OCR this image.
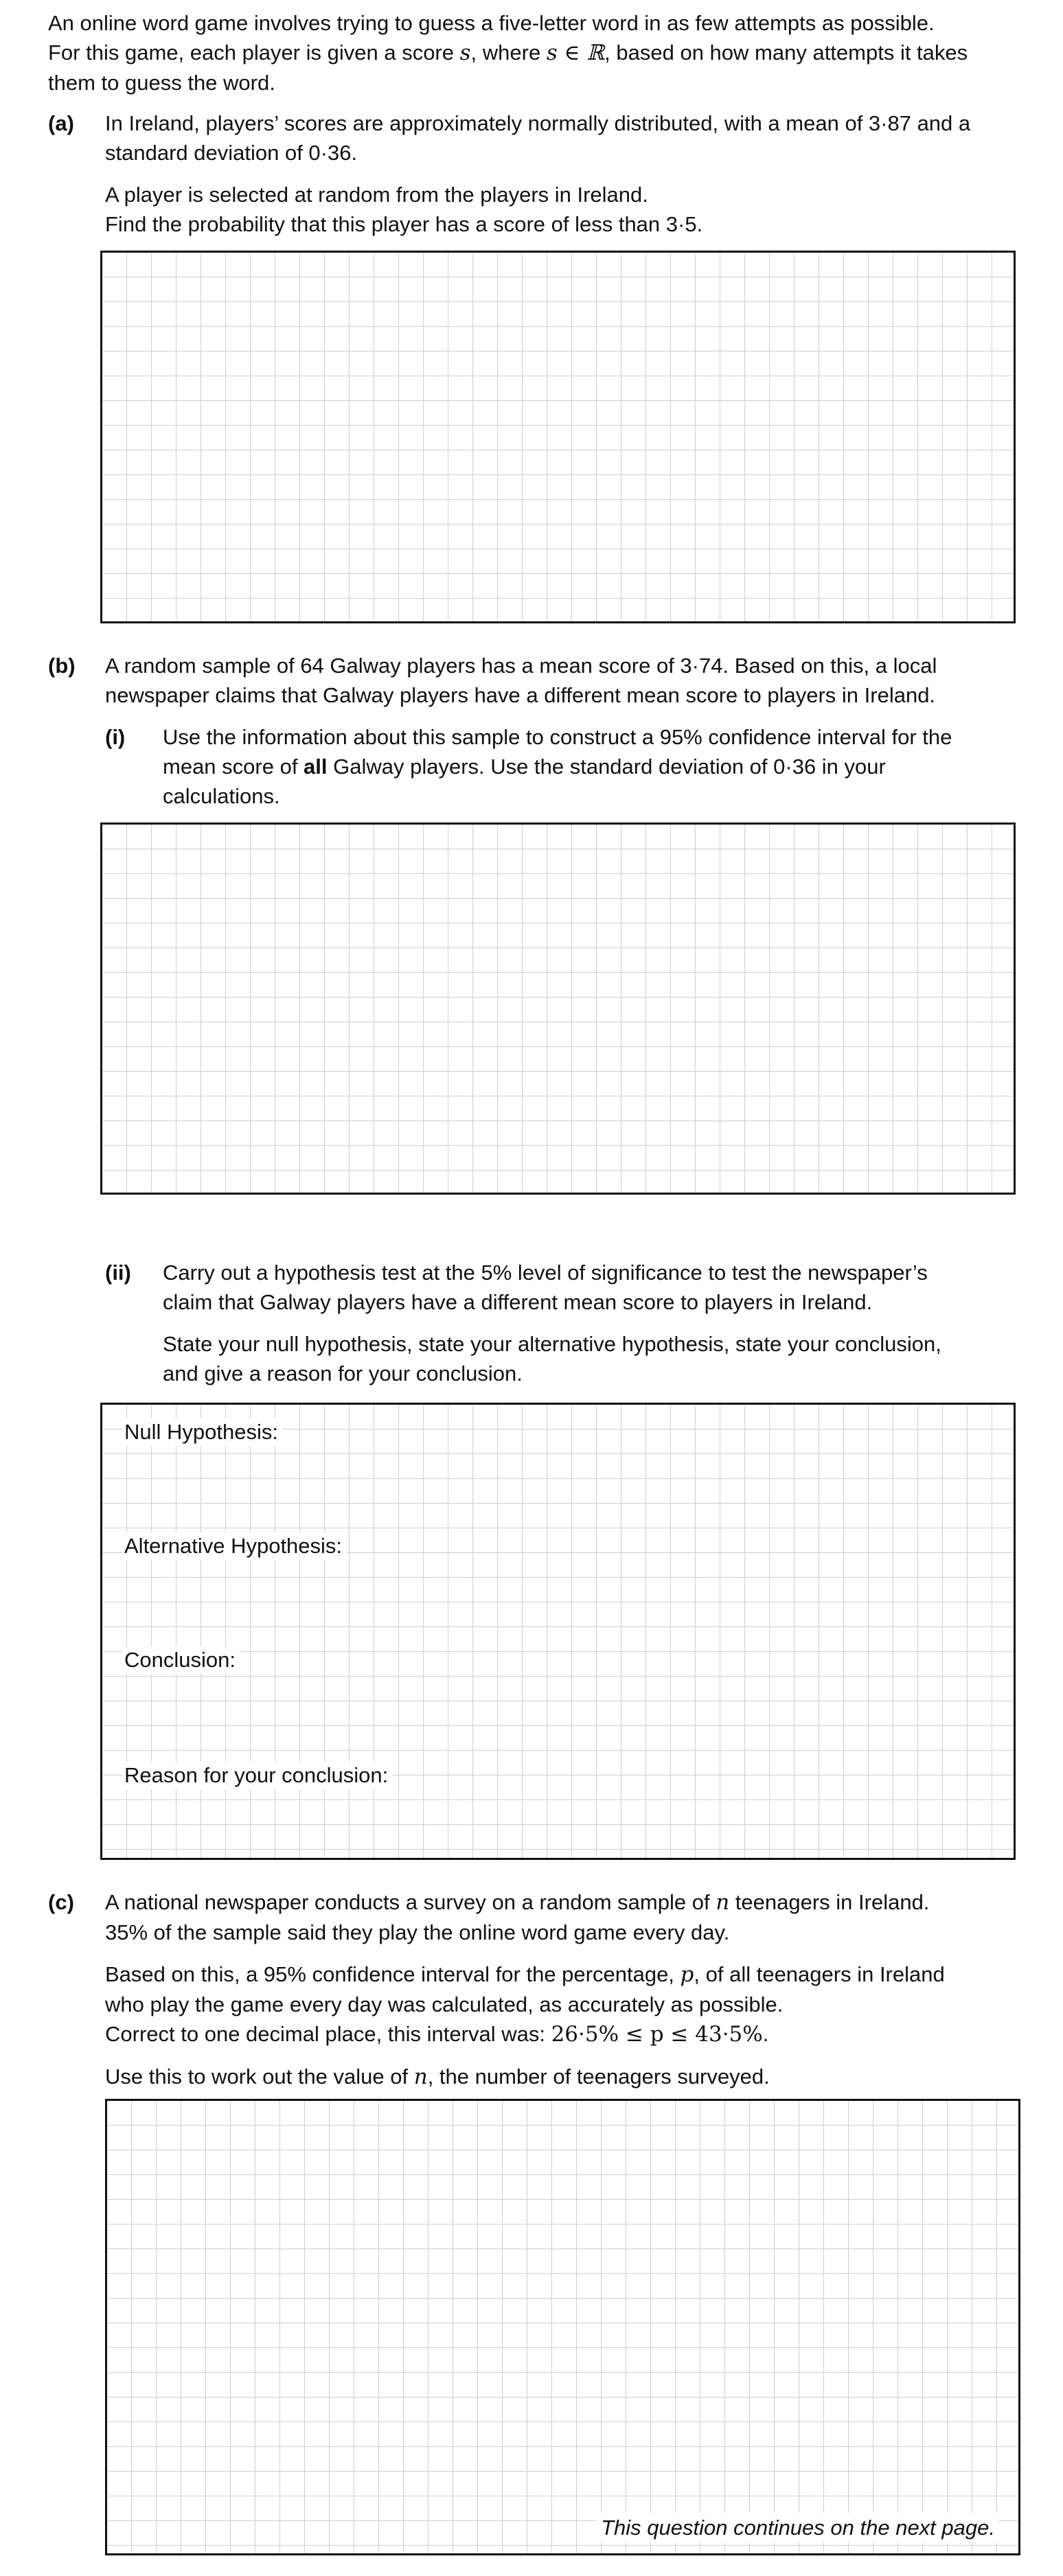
An online word game involves trying to guess a five-letter word in as few attempts as possible.

For this game, each player is given a score s, where s ∈ ℝ, based on how many attempts it takes

them to guess the word.

(a) In Ireland, players’ scores are approximately normally distributed, with a mean of 3·87 and a

standard deviation of 0·36.

A player is selected at random from the players in Ireland.

Find the probability that this player has a score of less than 3·5.

(b) A random sample of 64 Galway players has a mean score of 3·74. Based on this, a local

newspaper claims that Galway players have a different mean score to players in Ireland.

(i) Use the information about this sample to construct a 95% confidence interval for the

mean score of all Galway players. Use the standard deviation of 0·36 in your

calculations.

(ii) Carry out a hypothesis test at the 5% level of significance to test the newspaper’s

claim that Galway players have a different mean score to players in Ireland.

State your null hypothesis, state your alternative hypothesis, state your conclusion,

and give a reason for your conclusion.

Null Hypothesis:
Alternative Hypothesis:
Conclusion:
Reason for your conclusion:
(c) A national newspaper conducts a survey on a random sample of n teenagers in Ireland.

35% of the sample said they play the online word game every day.

Based on this, a 95% confidence interval for the percentage, p, of all teenagers in Ireland

who play the game every day was calculated, as accurately as possible.

Correct to one decimal place, this interval was: 26·5% ≤ p ≤ 43·5%.

Use this to work out the value of n, the number of teenagers surveyed.

This question continues on the next page.
